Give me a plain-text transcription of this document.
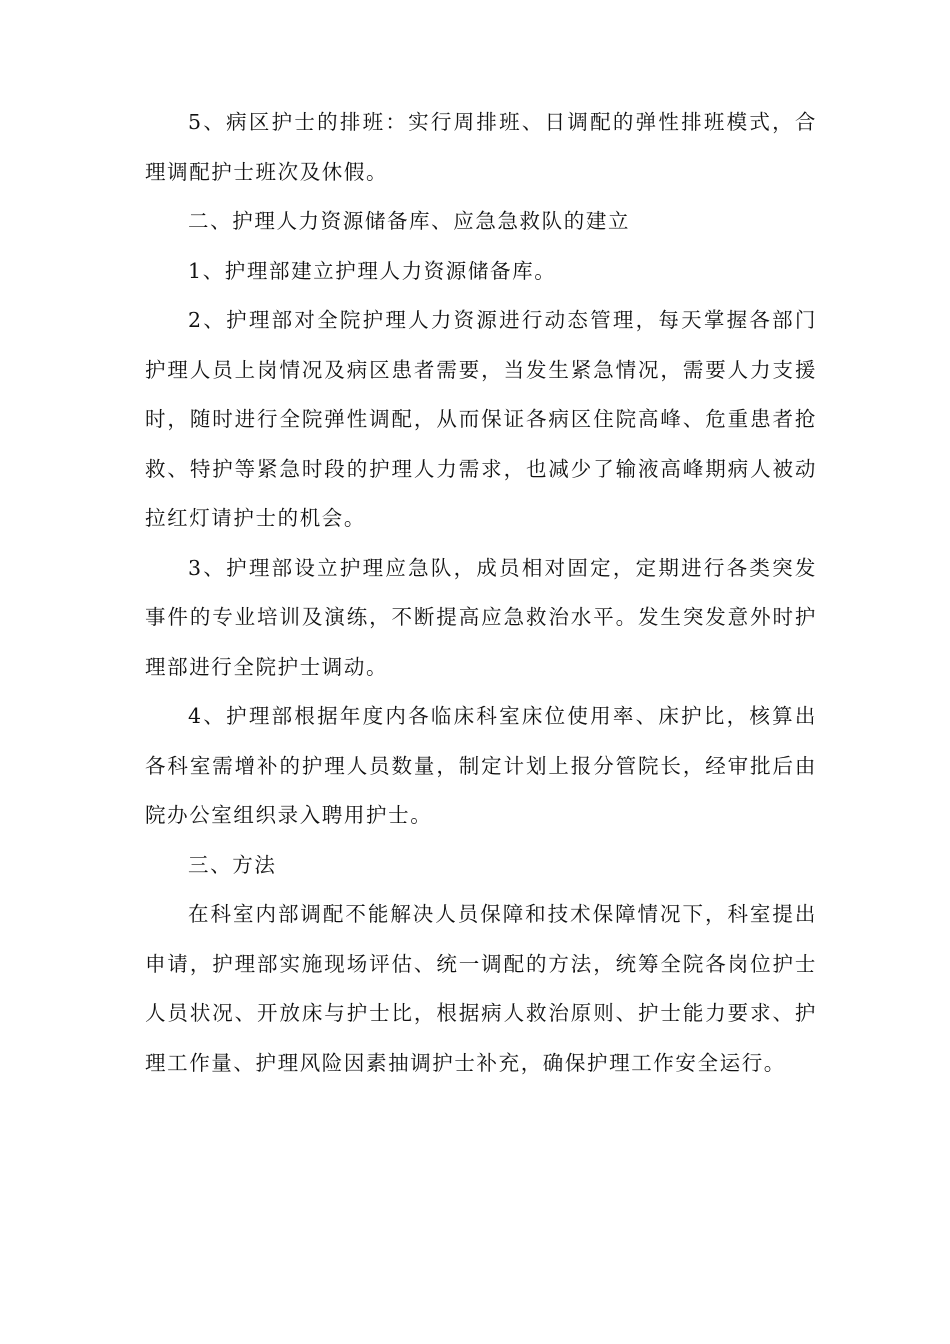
5、病区护士的排班：实行周排班、日调配的弹性排班模式，合理调配护士班次及休假。

二、护理人力资源储备库、应急急救队的建立

1、护理部建立护理人力资源储备库。

2、护理部对全院护理人力资源进行动态管理，每天掌握各部门护理人员上岗情况及病区患者需要，当发生紧急情况，需要人力支援时，随时进行全院弹性调配，从而保证各病区住院高峰、危重患者抢救、特护等紧急时段的护理人力需求，也减少了输液高峰期病人被动拉红灯请护士的机会。

3、护理部设立护理应急队，成员相对固定，定期进行各类突发事件的专业培训及演练，不断提高应急救治水平。发生突发意外时护理部进行全院护士调动。

4、护理部根据年度内各临床科室床位使用率、床护比，核算出各科室需增补的护理人员数量，制定计划上报分管院长，经审批后由院办公室组织录入聘用护士。

三、方法

在科室内部调配不能解决人员保障和技术保障情况下，科室提出申请，护理部实施现场评估、统一调配的方法，统筹全院各岗位护士人员状况、开放床与护士比，根据病人救治原则、护士能力要求、护理工作量、护理风险因素抽调护士补充，确保护理工作安全运行。
